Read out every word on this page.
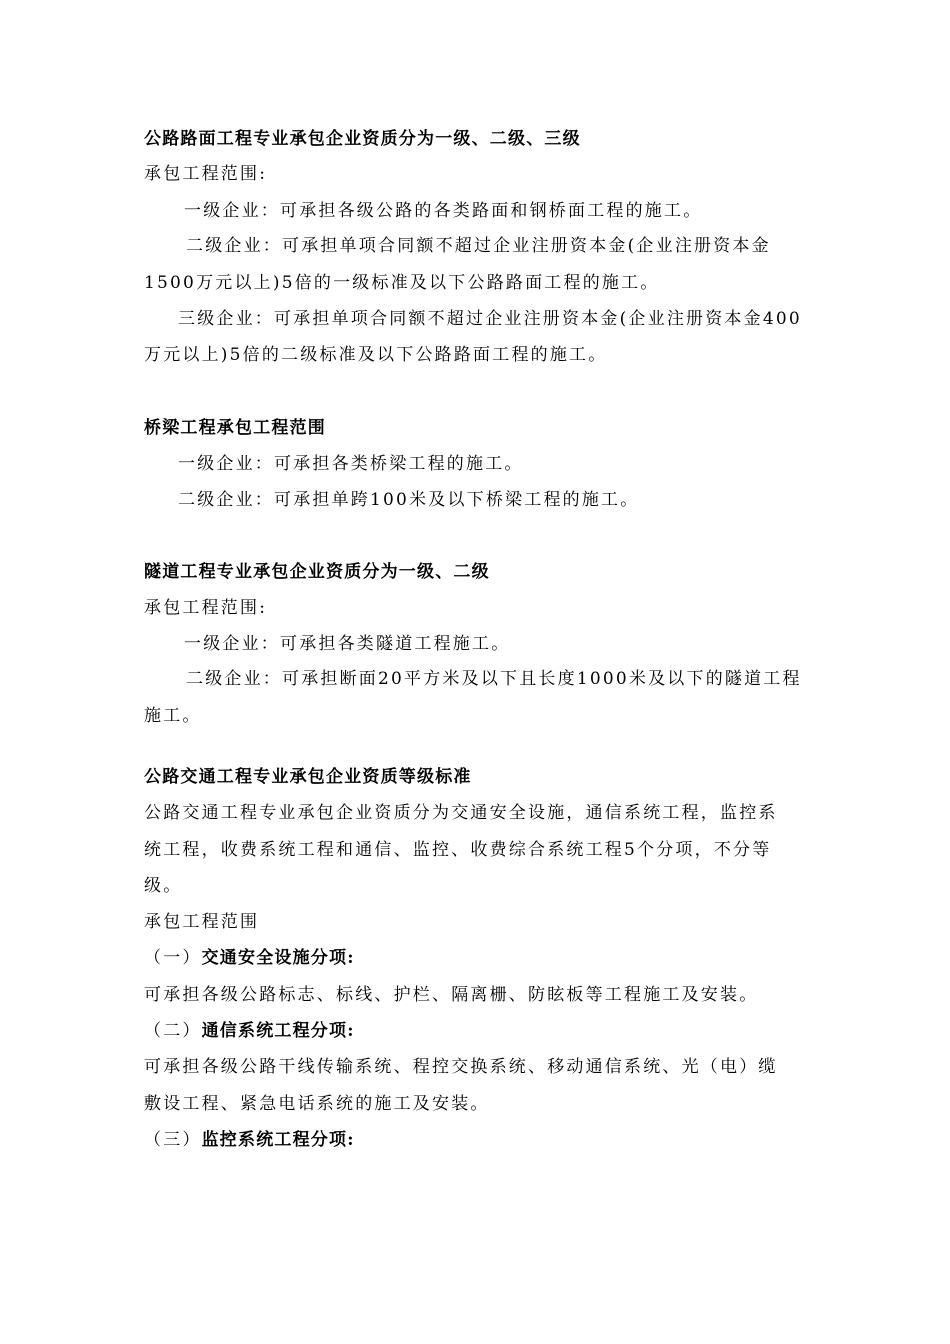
公路路面工程专业承包企业资质分为一级、二级、三级
承包工程范围:
一级企业：可承担各级公路的各类路面和钢桥面工程的施工。
二级企业：可承担单项合同额不超过企业注册资本金(企业注册资本金
1500万元以上)5倍的一级标准及以下公路路面工程的施工。
三级企业：可承担单项合同额不超过企业注册资本金(企业注册资本金400
万元以上)5倍的二级标准及以下公路路面工程的施工。
桥梁工程承包工程范围
一级企业：可承担各类桥梁工程的施工。
二级企业：可承担单跨100米及以下桥梁工程的施工。
隧道工程专业承包企业资质分为一级、二级
承包工程范围:
一级企业：可承担各类隧道工程施工。
二级企业：可承担断面20平方米及以下且长度1000米及以下的隧道工程
施工。
公路交通工程专业承包企业资质等级标准
公路交通工程专业承包企业资质分为交通安全设施，通信系统工程，监控系
统工程，收费系统工程和通信、监控、收费综合系统工程5个分项，不分等
级。
承包工程范围
（一）交通安全设施分项:
可承担各级公路标志、标线、护栏、隔离栅、防眩板等工程施工及安装。
（二）通信系统工程分项:
可承担各级公路干线传输系统、程控交换系统、移动通信系统、光（电）缆
敷设工程、紧急电话系统的施工及安装。
（三）监控系统工程分项:
